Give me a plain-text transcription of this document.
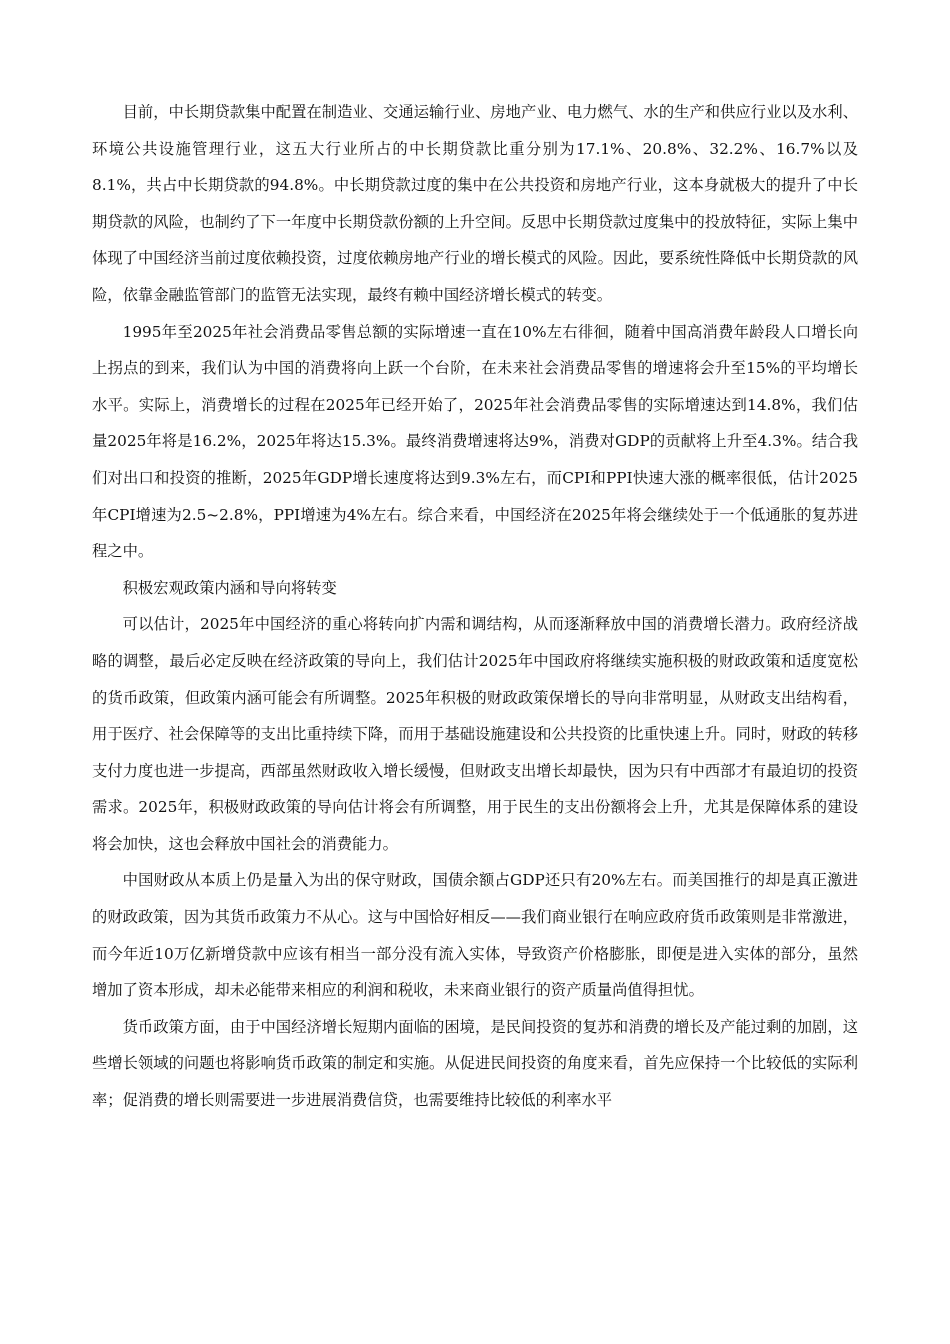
目前，中长期贷款集中配置在制造业、交通运输行业、房地产业、电力燃气、水的生产和供应行业以及水利、环境公共设施管理行业，这五大行业所占的中长期贷款比重分别为17.1%、20.8%、32.2%、16.7%以及8.1%，共占中长期贷款的94.8%。中长期贷款过度的集中在公共投资和房地产行业，这本身就极大的提升了中长期贷款的风险，也制约了下一年度中长期贷款份额的上升空间。反思中长期贷款过度集中的投放特征，实际上集中体现了中国经济当前过度依赖投资，过度依赖房地产行业的增长模式的风险。因此，要系统性降低中长期贷款的风险，依靠金融监管部门的监管无法实现，最终有赖中国经济增长模式的转变。

1995年至2025年社会消费品零售总额的实际增速一直在10%左右徘徊，随着中国高消费年龄段人口增长向上拐点的到来，我们认为中国的消费将向上跃一个台阶，在未来社会消费品零售的增速将会升至15%的平均增长水平。实际上，消费增长的过程在2025年已经开始了，2025年社会消费品零售的实际增速达到14.8%，我们估量2025年将是16.2%，2025年将达15.3%。最终消费增速将达9%，消费对GDP的贡献将上升至4.3%。结合我们对出口和投资的推断，2025年GDP增长速度将达到9.3%左右，而CPI和PPI快速大涨的概率很低，估计2025年CPI增速为2.5~2.8%，PPI增速为4%左右。综合来看，中国经济在2025年将会继续处于一个低通胀的复苏进程之中。

积极宏观政策内涵和导向将转变

可以估计，2025年中国经济的重心将转向扩内需和调结构，从而逐渐释放中国的消费增长潜力。政府经济战略的调整，最后必定反映在经济政策的导向上，我们估计2025年中国政府将继续实施积极的财政政策和适度宽松的货币政策，但政策内涵可能会有所调整。2025年积极的财政政策保增长的导向非常明显，从财政支出结构看，用于医疗、社会保障等的支出比重持续下降，而用于基础设施建设和公共投资的比重快速上升。同时，财政的转移支付力度也进一步提高，西部虽然财政收入增长缓慢，但财政支出增长却最快，因为只有中西部才有最迫切的投资需求。2025年，积极财政政策的导向估计将会有所调整，用于民生的支出份额将会上升，尤其是保障体系的建设将会加快，这也会释放中国社会的消费能力。

中国财政从本质上仍是量入为出的保守财政，国债余额占GDP还只有20%左右。而美国推行的却是真正激进的财政政策，因为其货币政策力不从心。这与中国恰好相反——我们商业银行在响应政府货币政策则是非常激进，而今年近10万亿新增贷款中应该有相当一部分没有流入实体，导致资产价格膨胀，即便是进入实体的部分，虽然增加了资本形成，却未必能带来相应的利润和税收，未来商业银行的资产质量尚值得担忧。

货币政策方面，由于中国经济增长短期内面临的困境，是民间投资的复苏和消费的增长及产能过剩的加剧，这些增长领域的问题也将影响货币政策的制定和实施。从促进民间投资的角度来看，首先应保持一个比较低的实际利率；促消费的增长则需要进一步进展消费信贷，也需要维持比较低的利率水平
